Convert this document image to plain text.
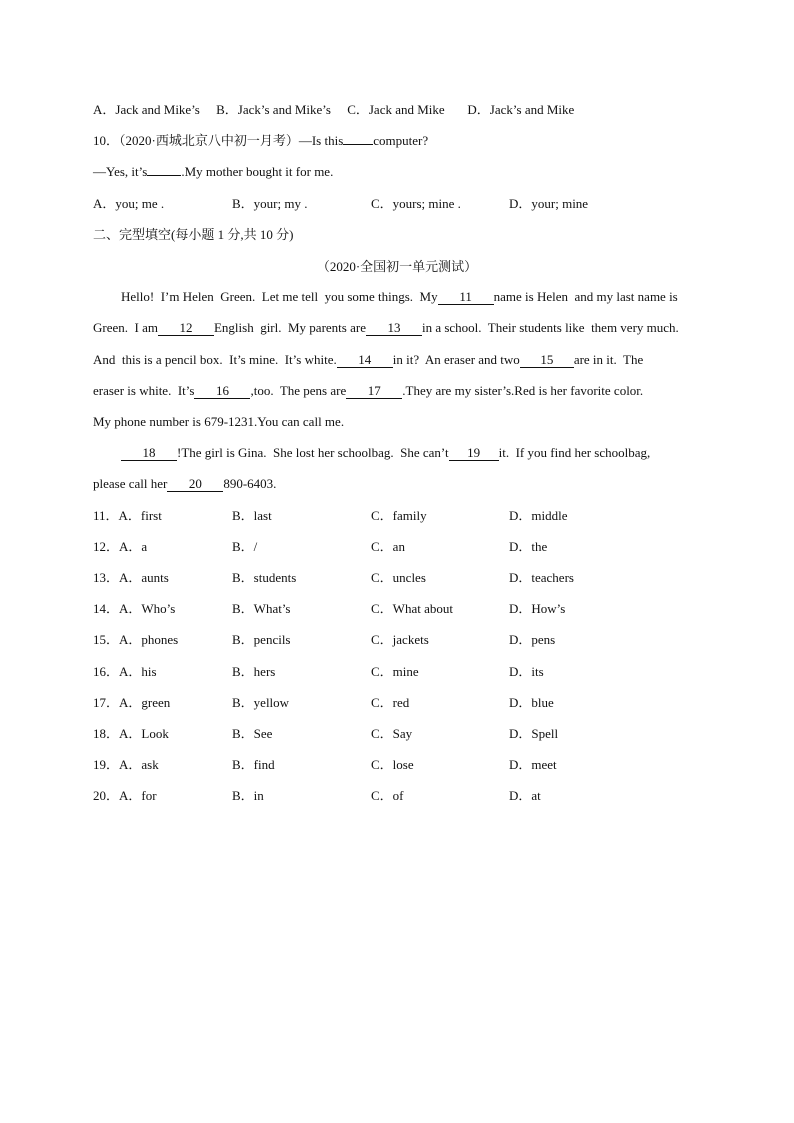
A．Jack and Mike’s     B．Jack’s and Mike’s     C．Jack and Mike       D．Jack’s and Mike
10．（2020·西城北京八中初一月考）—Is this computer?
—Yes, it’s	.My mother bought it for me.
A．you; me .	B．your; my .	C．yours; mine .	D．your; mine
二、完型填空(每小题 1 分,共 10 分)
（2020·全国初一单元测试）
Hello!  I’m Helen  Green.  Let me tell  you some things.  My 11 name is Helen  and my last name is
Green.  I am 12 English  girl.  My parents are 13 in a school.  Their students like  them very much.
And  this is a pencil box.  It’s mine.  It’s white. 14 in it?  An eraser and two 15 are in it.  The
eraser is white.  It’s 16 ,too.  The pens are 17 .They are my sister’s.Red is her favorite color.
My phone number is 679-1231.You can call me.
18 !The girl is Gina.  She lost her schoolbag.  She can’t 19 it.  If you find her schoolbag,
please call her 20 890-6403.
11．A．first	B．last	C．family	D．middle
12．A．a	B．/	C．an	D．the
13．A．aunts	B．students	C．uncles	D．teachers
14．A．Who’s	B．What’s	C．What about	D．How’s
15．A．phones	B．pencils	C．jackets	D．pens
16．A．his	B．hers	C．mine	D．its
17．A．green	B．yellow	C．red	D．blue
18．A．Look	B．See	C．Say	D．Spell
19．A．ask	B．find	C．lose	D．meet
20．A．for	B．in	C．of	D．at
